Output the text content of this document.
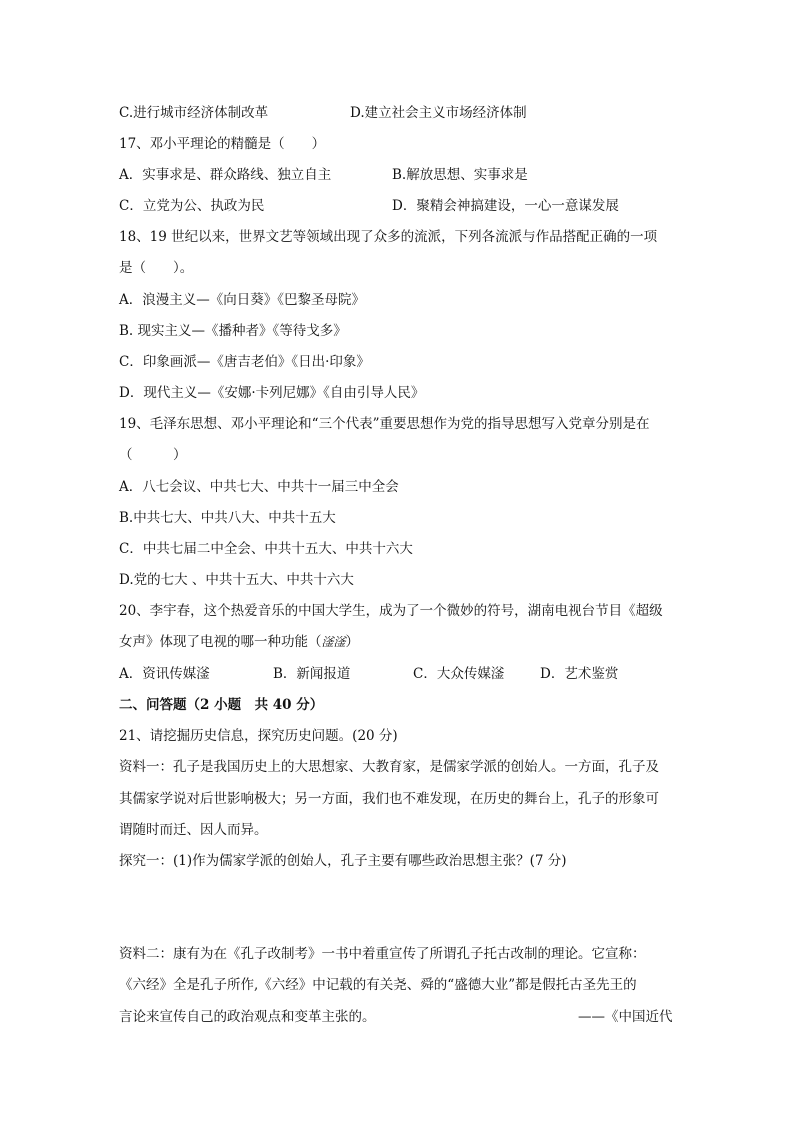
C.进行城市经济体制改革	D.建立社会主义市场经济体制
17、邓小平理论的精髓是（　　）
A．实事求是、群众路线、独立自主	B.解放思想、实事求是
C．立党为公、执政为民	D．聚精会神搞建设，一心一意谋发展
18、19 世纪以来，世界文艺等领域出现了众多的流派，下列各流派与作品搭配正确的一项
是（　　）。
A．浪漫主义—《向日葵》《巴黎圣母院》
B. 现实主义—《播种者》《等待戈多》
C．印象画派—《唐吉老伯》《日出·印象》
D．现代主义—《安娜·卡列尼娜》《自由引导人民》
19、毛泽东思想、邓小平理论和“三个代表”重要思想作为党的指导思想写入党章分别是在
（　　　）
A．八七会议、中共七大、中共十一届三中全会
B.中共七大、中共八大、中共十五大
C．中共七届二中全会、中共十五大、中共十六大
D.党的七大 、中共十五大、中共十六大
20、李宇春，这个热爱音乐的中国大学生，成为了一个微妙的符号，湖南电视台节目《超级
女声》体现了电视的哪一种功能（滏滏）
A．资讯传媒滏	B．新闻报道	C．大众传媒滏	D．艺术鉴赏
二、问答题（2 小题　共 40 分）
21、请挖掘历史信息，探究历史问题。(20 分)
资料一：孔子是我国历史上的大思想家、大教育家，是儒家学派的创始人。一方面，孔子及
其儒家学说对后世影响极大；另一方面，我们也不难发现，在历史的舞台上，孔子的形象可
谓随时而迁、因人而异。
探究一：(1)作为儒家学派的创始人，孔子主要有哪些政治思想主张？(7 分)
资料二：康有为在《孔子改制考》一书中着重宣传了所谓孔子托古改制的理论。它宣称：
《六经》全是孔子所作,《六经》中记载的有关尧、舜的“盛德大业”都是假托古圣先王的
言论来宣传自己的政治观点和变革主张的。	——《中国近代
